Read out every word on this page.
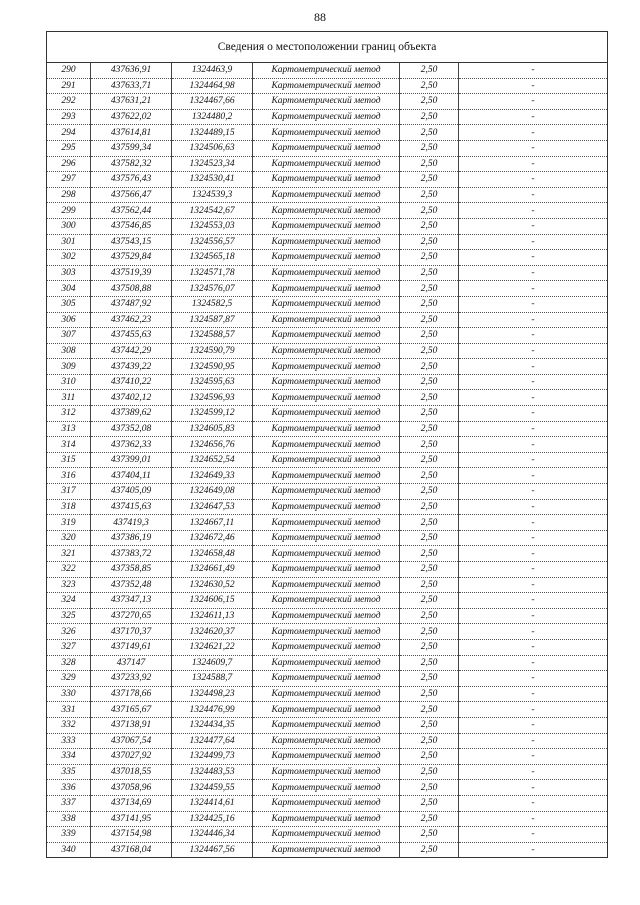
88
Сведения о местоположении границ объекта
290	437636,91	1324463,9	Картометрический метод	2,50	-
291	437633,71	1324464,98	Картометрический метод	2,50	-
292	437631,21	1324467,66	Картометрический метод	2,50	-
293	437622,02	1324480,2	Картометрический метод	2,50	-
294	437614,81	1324489,15	Картометрический метод	2,50	-
295	437599,34	1324506,63	Картометрический метод	2,50	-
296	437582,32	1324523,34	Картометрический метод	2,50	-
297	437576,43	1324530,41	Картометрический метод	2,50	-
298	437566,47	1324539,3	Картометрический метод	2,50	-
299	437562,44	1324542,67	Картометрический метод	2,50	-
300	437546,85	1324553,03	Картометрический метод	2,50	-
301	437543,15	1324556,57	Картометрический метод	2,50	-
302	437529,84	1324565,18	Картометрический метод	2,50	-
303	437519,39	1324571,78	Картометрический метод	2,50	-
304	437508,88	1324576,07	Картометрический метод	2,50	-
305	437487,92	1324582,5	Картометрический метод	2,50	-
306	437462,23	1324587,87	Картометрический метод	2,50	-
307	437455,63	1324588,57	Картометрический метод	2,50	-
308	437442,29	1324590,79	Картометрический метод	2,50	-
309	437439,22	1324590,95	Картометрический метод	2,50	-
310	437410,22	1324595,63	Картометрический метод	2,50	-
311	437402,12	1324596,93	Картометрический метод	2,50	-
312	437389,62	1324599,12	Картометрический метод	2,50	-
313	437352,08	1324605,83	Картометрический метод	2,50	-
314	437362,33	1324656,76	Картометрический метод	2,50	-
315	437399,01	1324652,54	Картометрический метод	2,50	-
316	437404,11	1324649,33	Картометрический метод	2,50	-
317	437405,09	1324649,08	Картометрический метод	2,50	-
318	437415,63	1324647,53	Картометрический метод	2,50	-
319	437419,3	1324667,11	Картометрический метод	2,50	-
320	437386,19	1324672,46	Картометрический метод	2,50	-
321	437383,72	1324658,48	Картометрический метод	2,50	-
322	437358,85	1324661,49	Картометрический метод	2,50	-
323	437352,48	1324630,52	Картометрический метод	2,50	-
324	437347,13	1324606,15	Картометрический метод	2,50	-
325	437270,65	1324611,13	Картометрический метод	2,50	-
326	437170,37	1324620,37	Картометрический метод	2,50	-
327	437149,61	1324621,22	Картометрический метод	2,50	-
328	437147	1324609,7	Картометрический метод	2,50	-
329	437233,92	1324588,7	Картометрический метод	2,50	-
330	437178,66	1324498,23	Картометрический метод	2,50	-
331	437165,67	1324476,99	Картометрический метод	2,50	-
332	437138,91	1324434,35	Картометрический метод	2,50	-
333	437067,54	1324477,64	Картометрический метод	2,50	-
334	437027,92	1324499,73	Картометрический метод	2,50	-
335	437018,55	1324483,53	Картометрический метод	2,50	-
336	437058,96	1324459,55	Картометрический метод	2,50	-
337	437134,69	1324414,61	Картометрический метод	2,50	-
338	437141,95	1324425,16	Картометрический метод	2,50	-
339	437154,98	1324446,34	Картометрический метод	2,50	-
340	437168,04	1324467,56	Картометрический метод	2,50	-
